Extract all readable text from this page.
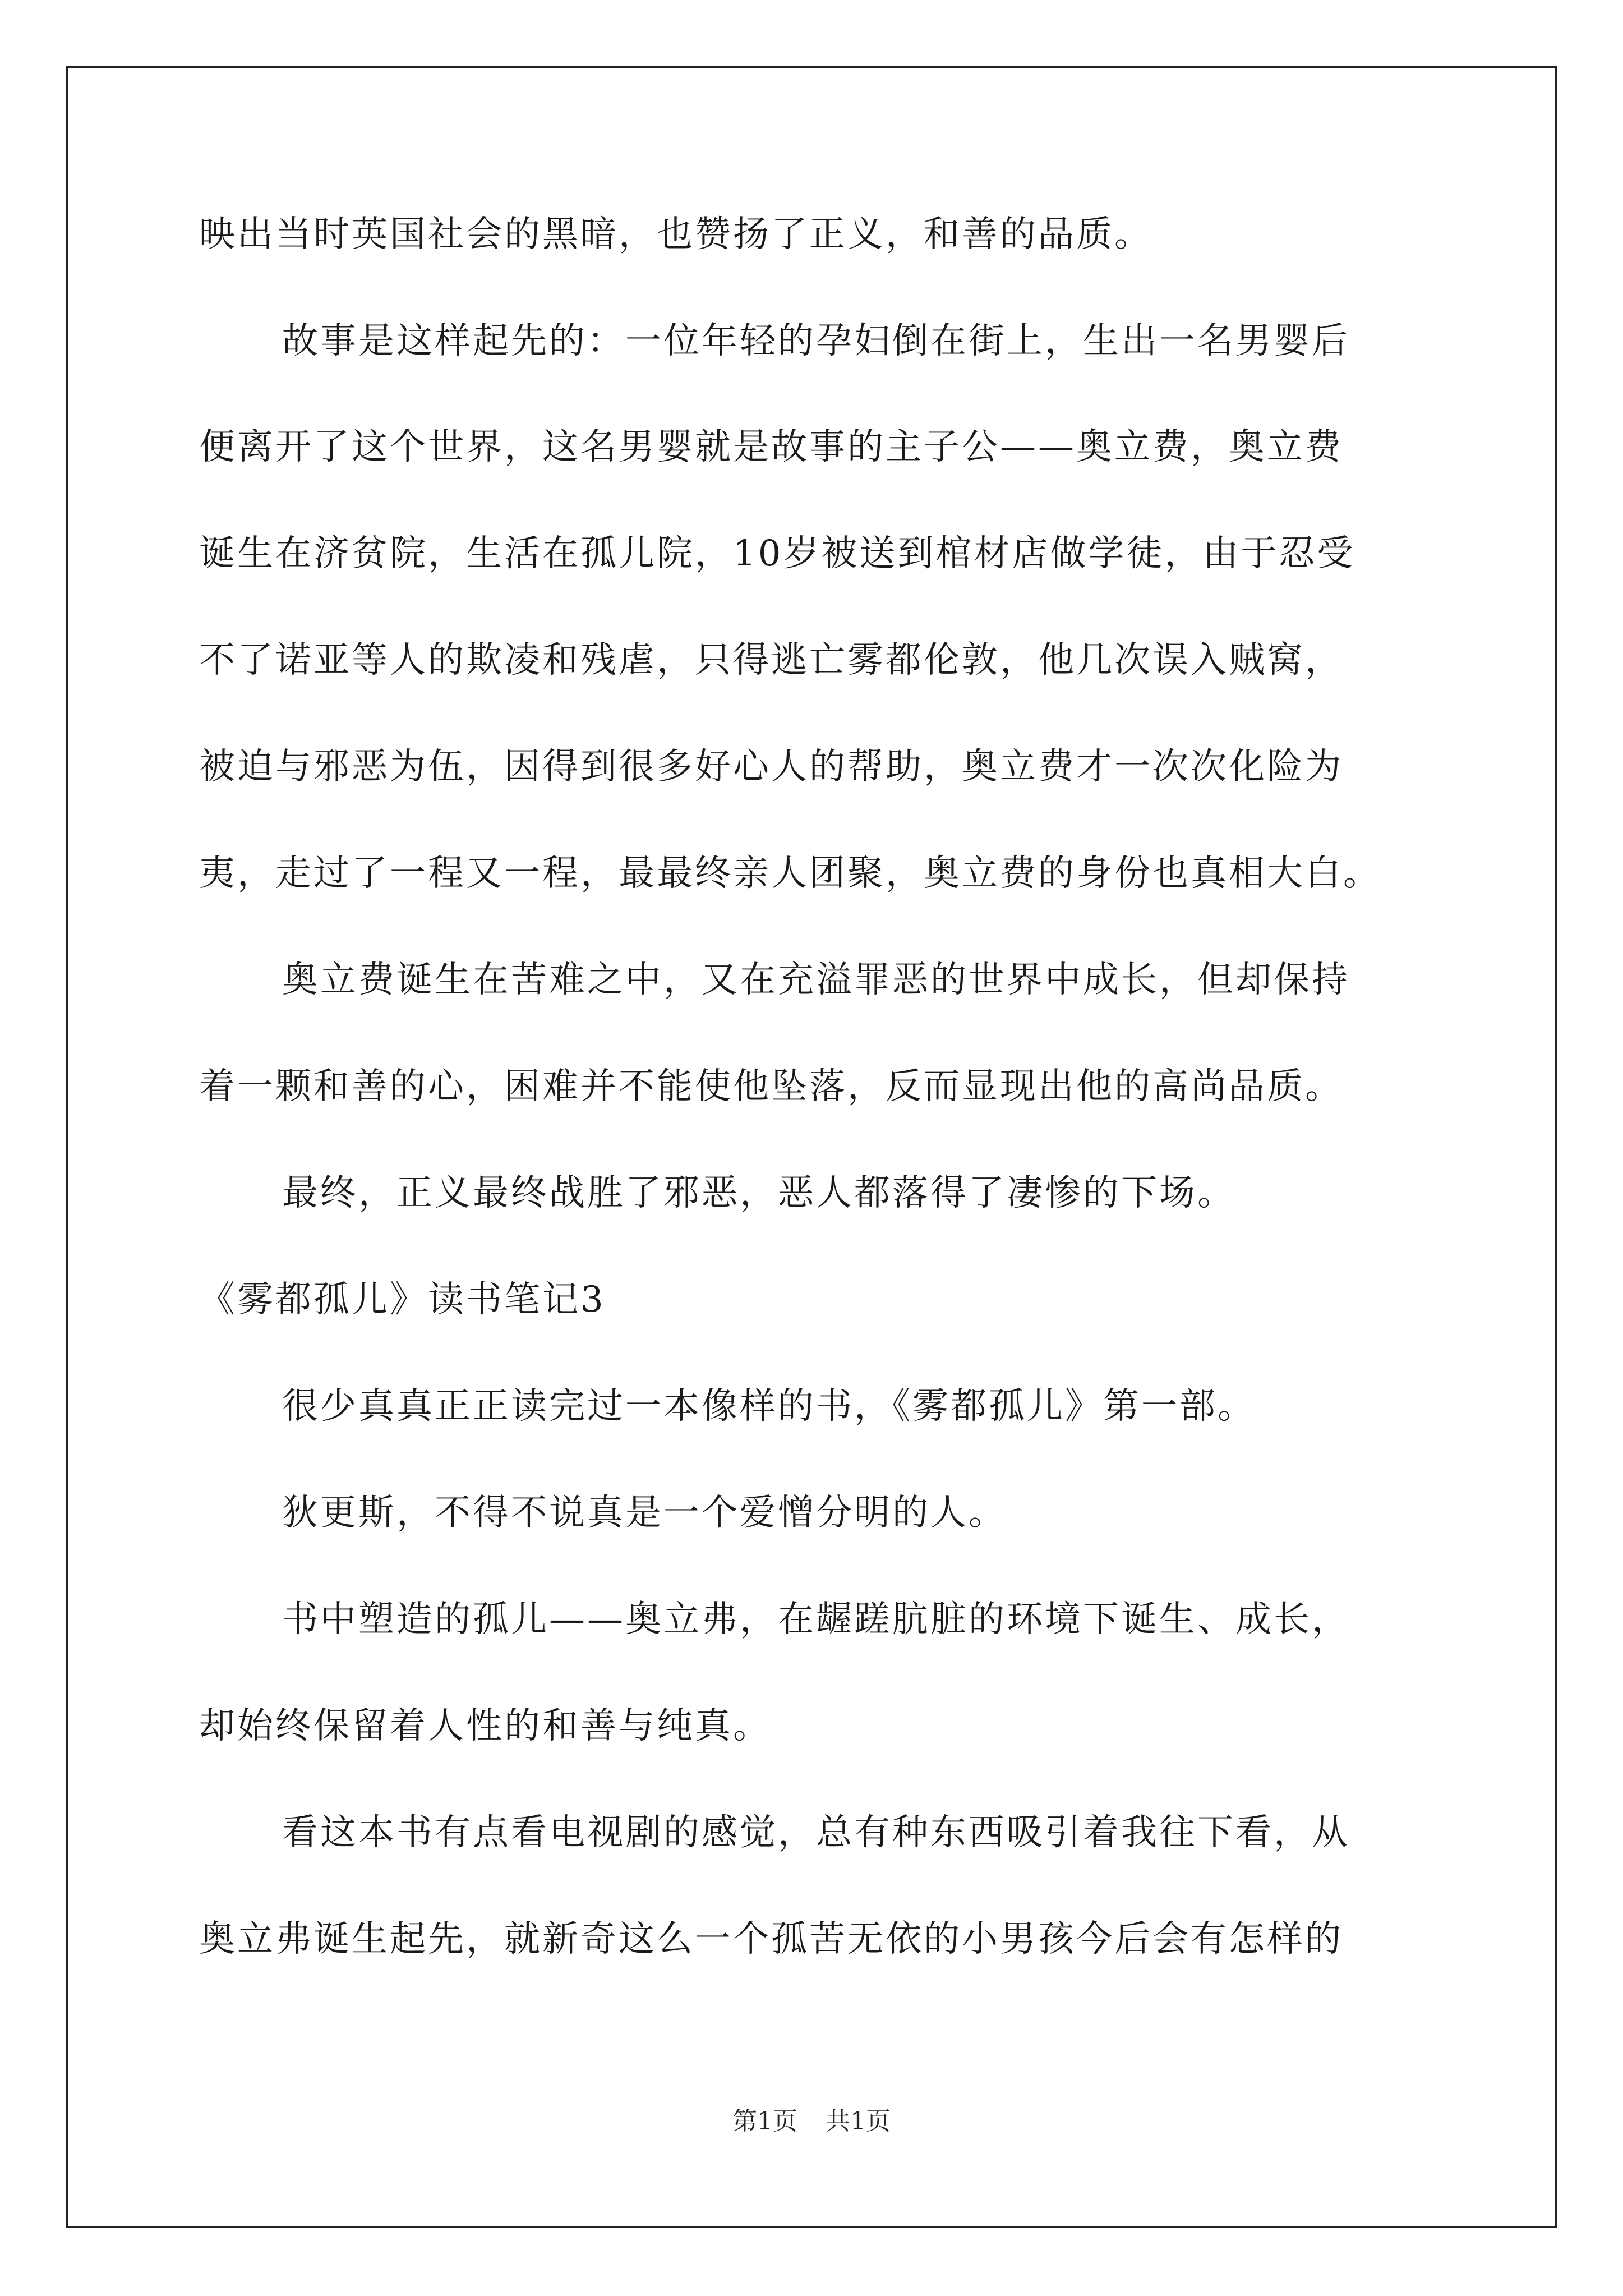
映出当时英国社会的黑暗，也赞扬了正义，和善的品质。
故事是这样起先的：一位年轻的孕妇倒在街上，生出一名男婴后
便离开了这个世界，这名男婴就是故事的主子公——奥立费，奥立费
诞生在济贫院，生活在孤儿院，10岁被送到棺材店做学徒，由于忍受
不了诺亚等人的欺凌和残虐，只得逃亡雾都伦敦，他几次误入贼窝，
被迫与邪恶为伍，因得到很多好心人的帮助，奥立费才一次次化险为
夷，走过了一程又一程，最最终亲人团聚，奥立费的身份也真相大白。
奥立费诞生在苦难之中，又在充溢罪恶的世界中成长，但却保持
着一颗和善的心，困难并不能使他坠落，反而显现出他的高尚品质。
最终，正义最终战胜了邪恶，恶人都落得了凄惨的下场。
《雾都孤儿》读书笔记3
很少真真正正读完过一本像样的书，《雾都孤儿》第一部。
狄更斯，不得不说真是一个爱憎分明的人。
书中塑造的孤儿——奥立弗，在龌蹉肮脏的环境下诞生、成长，
却始终保留着人性的和善与纯真。
看这本书有点看电视剧的感觉，总有种东西吸引着我往下看，从
奥立弗诞生起先，就新奇这么一个孤苦无依的小男孩今后会有怎样的
第1页 共1页
